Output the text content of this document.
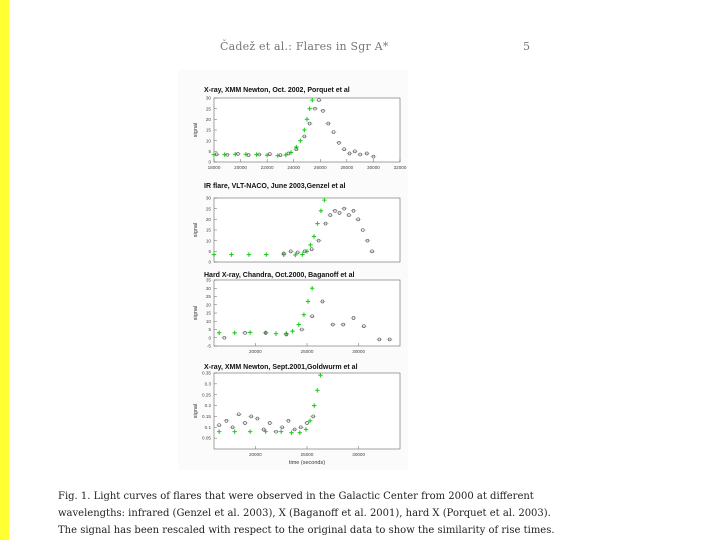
Čadež et al.: Flares in Sgr A*	5
X-ray, XMM Newton, Oct. 2002, Porquet et al
0
5
10
15
20
25
30
18000	20000	22000	24000	26000	28000	30000	32000
signal
IR flare, VLT-NACO, June 2003,Genzel et al
0
5
10
15
20
25
30
signal
Hard X-ray, Chandra, Oct.2000, Baganoff et al
-5
0
5
10
15
20
25
30
35
20000	25000	30000
signal
X-ray, XMM Newton, Sept.2001,Goldwurm et al
0.05
0.1
0.15
0.2
0.25
0.3
0.35
20000	25000	30000
signal
time (seconds)
Fig. 1. Light curves of flares that were observed in the Galactic Center from 2000 at different
wavelengths: infrared (Genzel et al. 2003), X (Baganoff et al. 2001), hard X (Porquet et al. 2003).
The signal has been rescaled with respect to the original data to show the similarity of rise times.
